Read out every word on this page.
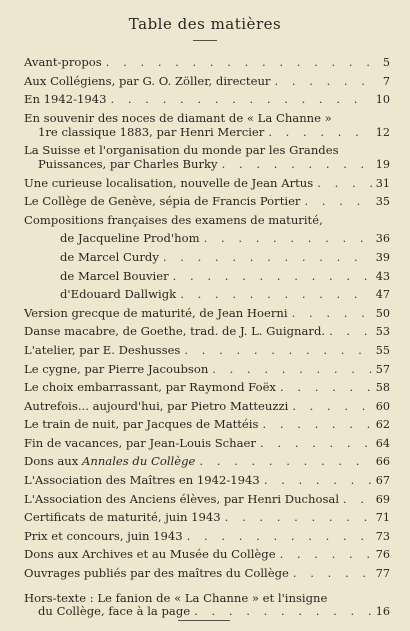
Table des matières
Avant-propos . . .	5
Aux Collégiens, par G. O. Zöller, directeur . . .	7
En 1942-1943 . . .	10
En souvenir des noces de diamant de « La Channe »
1re classique 1883, par Henri Mercier . . .	12
La Suisse et l'organisation du monde par les Grandes
Puissances, par Charles Burky . . .	19
Une curieuse localisation, nouvelle de Jean Artus . . .	31
Le Collège de Genève, sépia de Francis Portier . . .	35
Compositions françaises des examens de maturité,
de Jacqueline Prod'hom . . .	36
de Marcel Curdy . . .	39
de Marcel Bouvier . . .	43
d'Edouard Dallwigk . . .	47
Version grecque de maturité, de Jean Hoerni . . .	50
Danse macabre, de Goethe, trad. de J. L. Guignard. . . .	53
L'atelier, par E. Deshusses . . .	55
Le cygne, par Pierre Jacoubson . . .	57
Le choix embarrassant, par Raymond Foëx . . .	58
Autrefois... aujourd'hui, par Pietro Matteuzzi . . .	60
Le train de nuit, par Jacques de Mattéis . . .	62
Fin de vacances, par Jean-Louis Schaer . . .	64
Dons aux Annales du Collège . . .	66
L'Association des Maîtres en 1942-1943 . . .	67
L'Association des Anciens élèves, par Henri Duchosal . . .	69
Certificats de maturité, juin 1943 . . .	71
Prix et concours, juin 1943 . . .	73
Dons aux Archives et au Musée du Collège . . .	76
Ouvrages publiés par des maîtres du Collège . . .	77
Hors-texte : Le fanion de « La Channe » et l'insigne
du Collège, face à la page . . .	16
